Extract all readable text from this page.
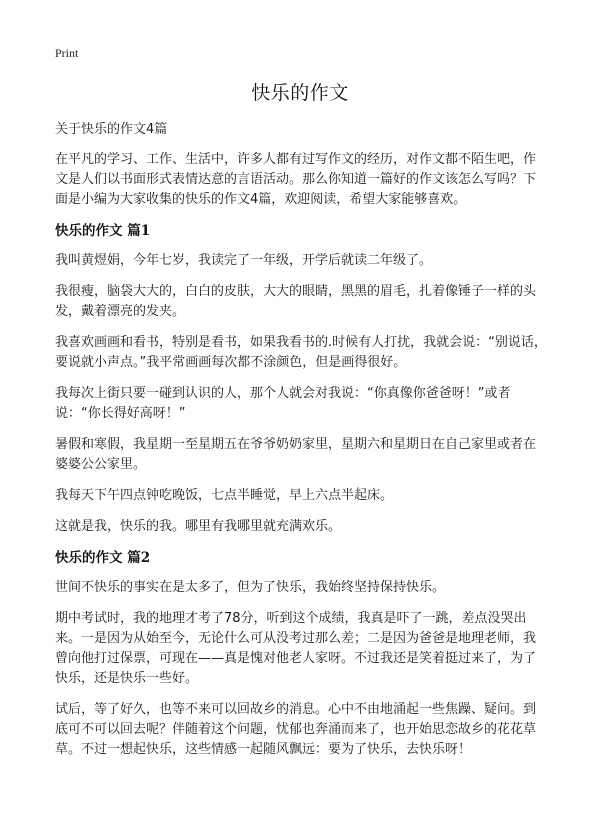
Print

快乐的作文

关于快乐的作文4篇

在平凡的学习、工作、生活中，许多人都有过写作文的经历，对作文都不陌生吧，作文是人们以书面形式表情达意的言语活动。那么你知道一篇好的作文该怎么写吗？下面是小编为大家收集的快乐的作文4篇，欢迎阅读，希望大家能够喜欢。

快乐的作文 篇1

我叫黄煜娟，今年七岁，我读完了一年级，开学后就读二年级了。

我很瘦，脑袋大大的，白白的皮肤，大大的眼睛，黑黑的眉毛，扎着像锤子一样的头发，戴着漂亮的发夹。

我喜欢画画和看书，特别是看书，如果我看书的.时候有人打扰，我就会说：“别说话，要说就小声点。”我平常画画每次都不涂颜色，但是画得很好。

我每次上街只要一碰到认识的人，那个人就会对我说：“你真像你爸爸呀！”或者说：“你长得好高呀！”

暑假和寒假，我星期一至星期五在爷爷奶奶家里，星期六和星期日在自己家里或者在婆婆公公家里。

我每天下午四点钟吃晚饭，七点半睡觉，早上六点半起床。

这就是我，快乐的我。哪里有我哪里就充满欢乐。

快乐的作文 篇2

世间不快乐的事实在是太多了，但为了快乐，我始终坚持保持快乐。

期中考试时，我的地理才考了78分，听到这个成绩，我真是吓了一跳，差点没哭出来。一是因为从始至今，无论什么可从没考过那么差；二是因为爸爸是地理老师，我曾向他打过保票，可现在——真是愧对他老人家呀。不过我还是笑着挺过来了，为了快乐，还是快乐一些好。

试后，等了好久，也等不来可以回故乡的消息。心中不由地涌起一些焦躁、疑问。到底可不可以回去呢？伴随着这个问题，忧郁也奔涌而来了，也开始思恋故乡的花花草草。不过一想起快乐，这些情感一起随风飘远：要为了快乐，去快乐呀！
